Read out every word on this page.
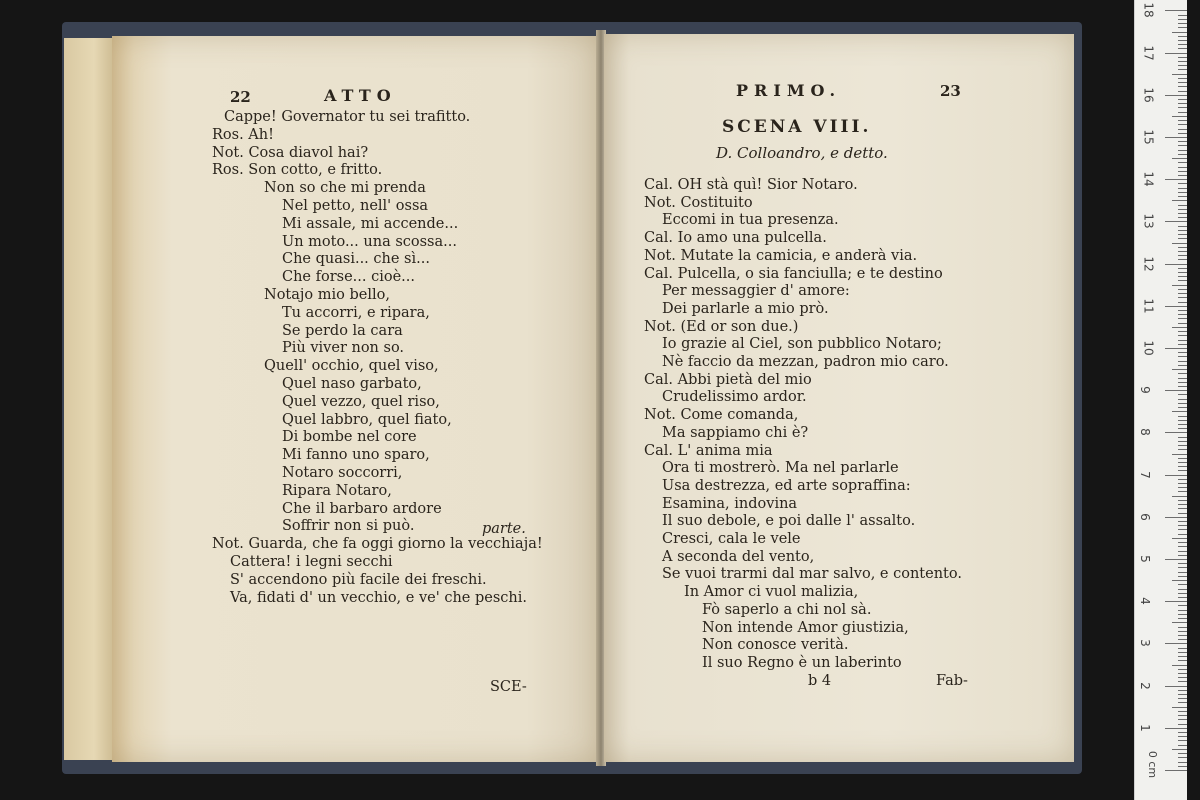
22	ATTO
Cappe! Governator tu sei trafitto.
Ros. Ah!
Not. Cosa diavol hai?
Ros. Son cotto, e fritto.
Non so che mi prenda
Nel petto, nell' ossa
Mi assale, mi accende...
Un moto... una scossa...
Che quasi... che sì...
Che forse... cioè...
Notajo mio bello,
Tu accorri, e ripara,
Se perdo la cara
Più viver non so.
Quell' occhio, quel viso,
Quel naso garbato,
Quel vezzo, quel riso,
Quel labbro, quel fiato,
Di bombe nel core
Mi fanno uno sparo,
Notaro soccorri,
Ripara Notaro,
Che il barbaro ardore
Soffrir non si può.
Not. Guarda, che fa oggi giorno la vecchiaja!
Cattera! i legni secchi
S' accendono più facile dei freschi.
Va, fidati d' un vecchio, e ve' che peschi.
parte.
SCE-
PRIMO.	23
SCENA VIII.
D. Colloandro, e detto.
Cal. OH stà quì! Sior Notaro.
Not. Costituito
Eccomi in tua presenza.
Cal. Io amo una pulcella.
Not. Mutate la camicia, e anderà via.
Cal. Pulcella, o sia fanciulla; e te destino
Per messaggier d' amore:
Dei parlarle a mio prò.
Not. (Ed or son due.)
Io grazie al Ciel, son pubblico Notaro;
Nè faccio da mezzan, padron mio caro.
Cal. Abbi pietà del mio
Crudelissimo ardor.
Not. Come comanda,
Ma sappiamo chi è?
Cal. L' anima mia
Ora ti mostrerò. Ma nel parlarle
Usa destrezza, ed arte sopraffina:
Esamina, indovina
Il suo debole, e poi dalle l' assalto.
Cresci, cala le vele
A seconda del vento,
Se vuoi trarmi dal mar salvo, e contento.
In Amor ci vuol malizia,
Fò saperlo a chi nol sà.
Non intende Amor giustizia,
Non conosce verità.
Il suo Regno è un laberinto
b 4	Fab-
1
2
3
4
5
6
7
8
9
10
11
12
13
14
15
16
17
18
0 cm
